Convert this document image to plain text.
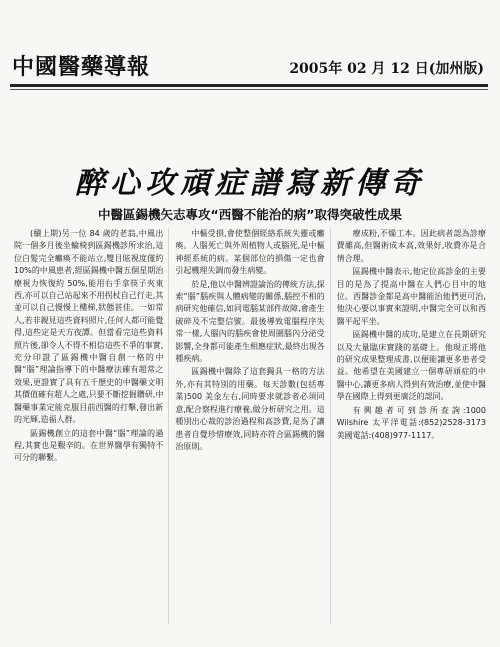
中國醫藥導報	2005年 02 月 12 日(加州版)
醉心攻頑症譜寫新傳奇
中醫區錫機矢志專攻“西醫不能治的病”取得突破性成果

(續上期)另一位 84 歲的老翁,中風出院一個多月後坐輪椅到區錫機診所求治,這位白髮完全癱瘓不能站立,雙目眩視度僅約 10%的中風患者,經區錫機中醫五個星期治療視力恢復約 50%,能用右手拿筷子夾東西,亦可以自己站起來不用拐杖自己行走,其並可以自己慢慢上樓梯,狀態甚佳。一如常人,若非親見這些資料照片,任何人都可能覺得,這些定是天方夜譚。但當看完這些資料照片後,卻令人不得不相信這些不爭的事實,充分印證了區錫機中醫自創一格的中醫“腦”理論指導下的中醫療法確有超常之效果,更證實了具有五千歷史的中醫藥文明其價值確有超人之處,只要不斷挖掘鑽研,中醫藥事業定能克服目前西醫的打擊,發出新的光輝,造福人群。

區錫機創立的這套中醫“腦”理論的過程,其實也是艱辛的。在世界醫學有獨特不可分的聯繫。

中樞受損,會使整個經絡系統失靈或癱瘓。人腦死亡與外周植物人或腦死,是中樞神經系統的病。某個部位的損傷一定也會引起機理失調而發生病變。

於是,他以中醫辨證論治的傳統方法,探索“腦”腦疾與人體病變的關係,腦控不相的病研究他確信,如同電腦某部件故障,會產生破碎及不完整信號。最後導致電腦程序失常一樣,人腦內的腦疾會使周圍腦內分泌受影響,全身都可能產生相應症狀,最終出現各種疾病。

區錫機中醫除了這套獨具一格的方法外,亦有其特別的用藥。每天診數(包括專業)500 美金左右,同時要求就診者必須同意,配合察程進行療養,做分析研究之用。這種別出心裁的診治過程和高診費,是為了讓患者自覺珍惜療效,同時亦符合區錫機的醫治原則。

療成粉,不燥工本。因此病者認為診療費雖高,但醫術成本高,效果好,收費亦是合情合理。

區錫機中醫表示,他定位高診金的主要目的是為了提高中醫在人們心目中的地位。西醫診金都是高中醫能治他們更可治,他決心要以事實來證明,中醫完全可以和西醫平起平坐。

區錫機中醫的成功,是建立在長期研究以及大量臨床實踐的基礎上。他現正將他的研究成果整理成書,以便能讓更多患者受益。他希望在美國建立一個專研頑症的中醫中心,讓更多病人得到有效治療,並使中醫學在國際上得到更廣泛的認同。

有興趣者可到診所查詢:1000 Wilshire 太平洋電話:(852)2528-3173 美國電話:(408)977-1117。
